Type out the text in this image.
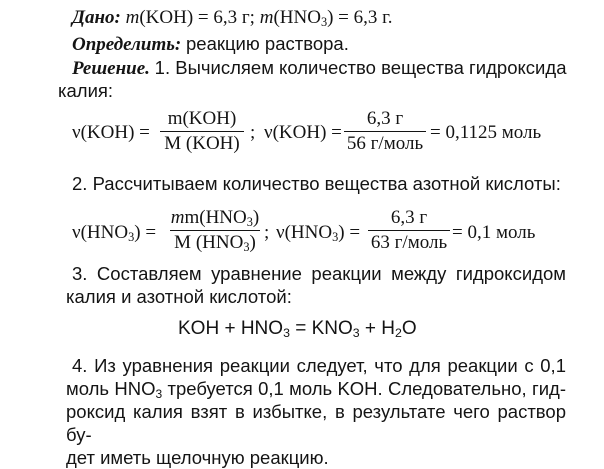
Дано: m(KOH) = 6,3 г; $m(HNO_3) = 6,3$ г.
Определить: реакцию раствора.
Решение. 1. Вычисляем количество вещества гидроксида
калия:
ν(KOH) =
m(KOH)
M (KOH)
; ν(KOH) =
6,3 г
56 г/моль
= 0,1125 моль
2. Рассчитываем количество вещества азотной кислоты:
$\nu(HNO_3)$ =
$mm(HNO_3)$
M $(HNO_3)$ ; $\nu(HNO_3)$ =
6,3 г
63 г/моль = 0,1 моль
3. Составляем уравнение реакции между гидроксидом
калия и азотной кислотой:
KOH + $HNO_3 = KNO_3 + H_2O$
4. Из уравнения реакции следует, что для реакции с 0,1
моль $HNO_3$ требуется 0,1 моль KOH. Следовательно, гид-
роксид калия взят в избытке, в результате чего раствор бу-
дет иметь щелочную реакцию.
